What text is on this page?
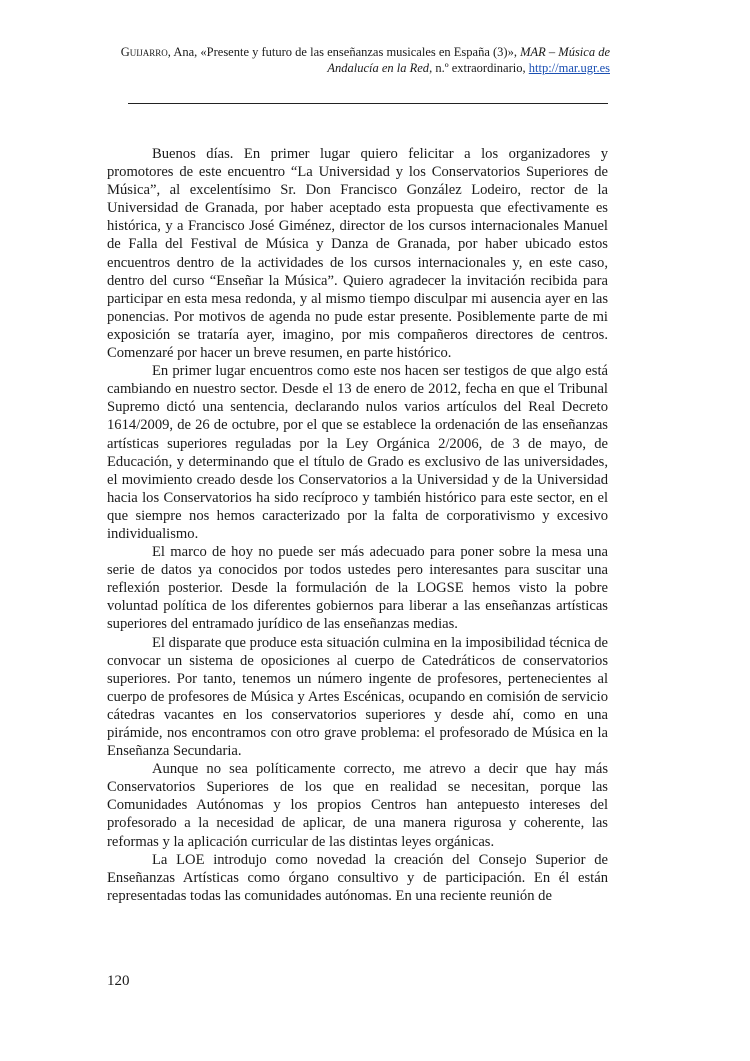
Guijarro, Ana, «Presente y futuro de las enseñanzas musicales en España (3)», MAR – Música de Andalucía en la Red, n.º extraordinario, http://mar.ugr.es

Buenos días. En primer lugar quiero felicitar a los organizadores y promotores de este encuentro “La Universidad y los Conservatorios Superiores de Música”, al excelentísimo Sr. Don Francisco González Lodeiro, rector de la Universidad de Granada, por haber aceptado esta propuesta que efectivamente es histórica, y a Francisco José Giménez, director de los cursos internacionales Manuel de Falla del Festival de Música y Danza de Granada, por haber ubicado estos encuentros dentro de la actividades de los cursos internacionales y, en este caso, dentro del curso “Enseñar la Música”. Quiero agradecer la invitación recibida para participar en esta mesa redonda, y al mismo tiempo disculpar mi ausencia ayer en las ponencias. Por motivos de agenda no pude estar presente. Posiblemente parte de mi exposición se trataría ayer, imagino, por mis compañeros directores de centros. Comenzaré por hacer un breve resumen, en parte histórico.

En primer lugar encuentros como este nos hacen ser testigos de que algo está cambiando en nuestro sector. Desde el 13 de enero de 2012, fecha en que el Tribunal Supremo dictó una sentencia, declarando nulos varios artículos del Real Decreto 1614/2009, de 26 de octubre, por el que se establece la ordenación de las enseñanzas artísticas superiores reguladas por la Ley Orgánica 2/2006, de 3 de mayo, de Educación, y determinando que el título de Grado es exclusivo de las universidades, el movimiento creado desde los Conservatorios a la Universidad y de la Universidad hacia los Conservatorios ha sido recíproco y también histórico para este sector, en el que siempre nos hemos caracterizado por la falta de corporativismo y excesivo individualismo.

El marco de hoy no puede ser más adecuado para poner sobre la mesa una serie de datos ya conocidos por todos ustedes pero interesantes para suscitar una reflexión posterior. Desde la formulación de la LOGSE hemos visto la pobre voluntad política de los diferentes gobiernos para liberar a las enseñanzas artísticas superiores del entramado jurídico de las enseñanzas medias.

El disparate que produce esta situación culmina en la imposibilidad técnica de convocar un sistema de oposiciones al cuerpo de Catedráticos de conservatorios superiores. Por tanto, tenemos un número ingente de profesores, pertenecientes al cuerpo de profesores de Música y Artes Escénicas, ocupando en comisión de servicio cátedras vacantes en los conservatorios superiores y desde ahí, como en una pirámide, nos encontramos con otro grave problema: el profesorado de Música en la Enseñanza Secundaria.

Aunque no sea políticamente correcto, me atrevo a decir que hay más Conservatorios Superiores de los que en realidad se necesitan, porque las Comunidades Autónomas y los propios Centros han antepuesto intereses del profesorado a la necesidad de aplicar, de una manera rigurosa y coherente, las reformas y la aplicación curricular de las distintas leyes orgánicas.

La LOE introdujo como novedad la creación del Consejo Superior de Enseñanzas Artísticas como órgano consultivo y de participación. En él están representadas todas las comunidades autónomas. En una reciente reunión de

120
